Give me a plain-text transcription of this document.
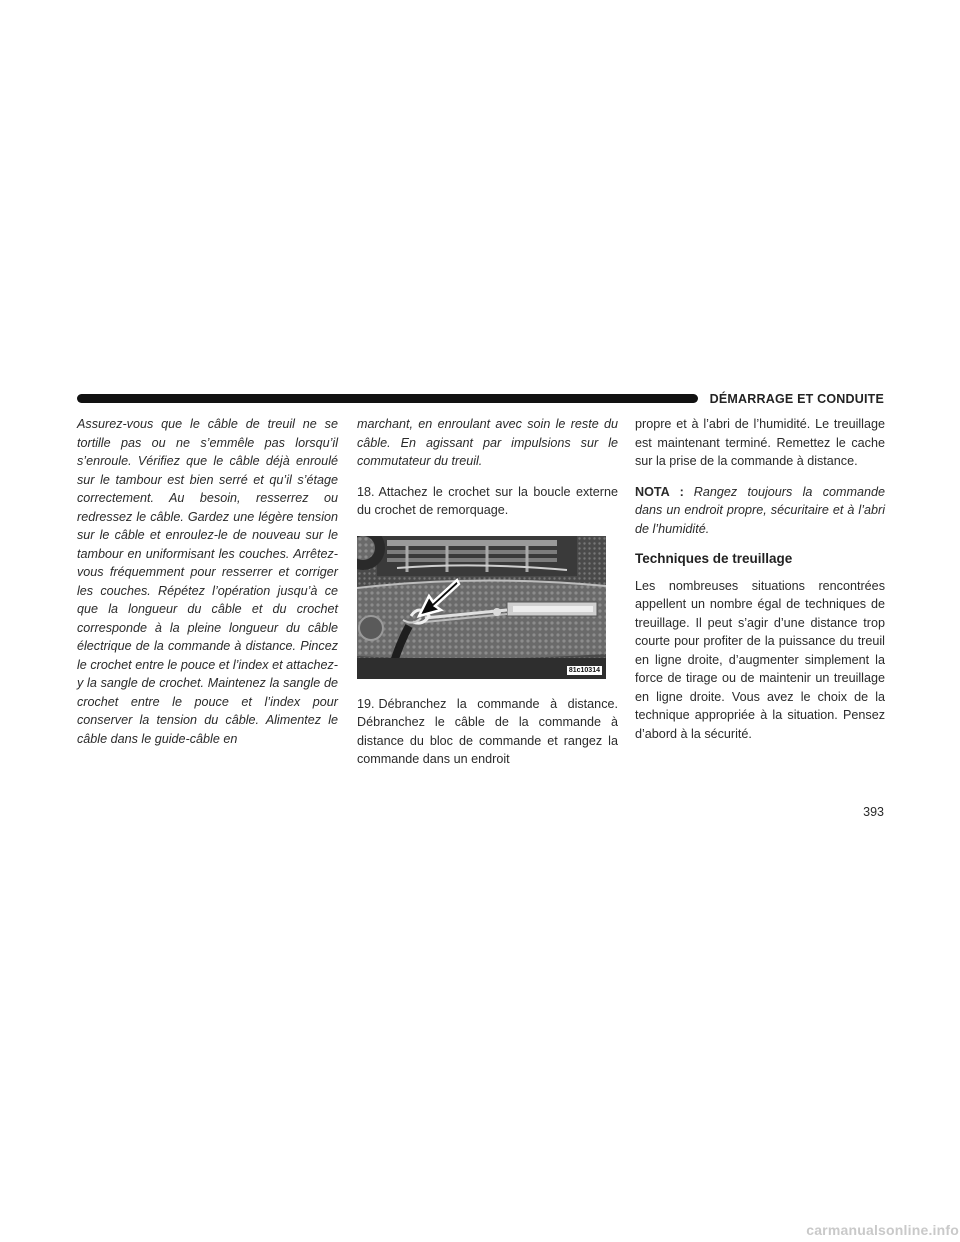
DÉMARRAGE ET CONDUITE

Assurez-vous que le câble de treuil ne se tortille pas ou ne s’emmêle pas lorsqu’il s’enroule. Vérifiez que le câble déjà enroulé sur le tambour est bien serré et qu’il s’étage correctement. Au besoin, resserrez ou redressez le câble. Gardez une légère tension sur le câble et enroulez-le de nouveau sur le tambour en uniformisant les couches. Arrêtez-vous fréquemment pour resserrer et corriger les couches. Répétez l’opération jusqu’à ce que la longueur du câble et du crochet corresponde à la pleine longueur du câble électrique de la commande à distance. Pincez le crochet entre le pouce et l’index et attachez-y la sangle de crochet. Maintenez la sangle de crochet entre le pouce et l’index pour conserver la tension du câble. Alimentez le câble dans le guide-câble en

marchant, en enroulant avec soin le reste du câble. En agissant par impulsions sur le commutateur du treuil.

18. Attachez le crochet sur la boucle externe du crochet de remorquage.

81c10314

19. Débranchez la commande à distance. Débranchez le câble de la commande à distance du bloc de commande et rangez la commande dans un endroit

propre et à l’abri de l’humidité. Le treuillage est maintenant terminé. Remettez le cache sur la prise de la commande à distance.

NOTA : Rangez toujours la commande dans un endroit propre, sécuritaire et à l’abri de l’humidité.

Techniques de treuillage

Les nombreuses situations rencontrées appellent un nombre égal de techniques de treuillage. Il peut s’agir d’une distance trop courte pour profiter de la puissance du treuil en ligne droite, d’augmenter simplement la force de tirage ou de maintenir un treuillage en ligne droite. Vous avez le choix de la technique appropriée à la situation. Pensez d’abord à la sécurité.

393
carmanualsonline.info
